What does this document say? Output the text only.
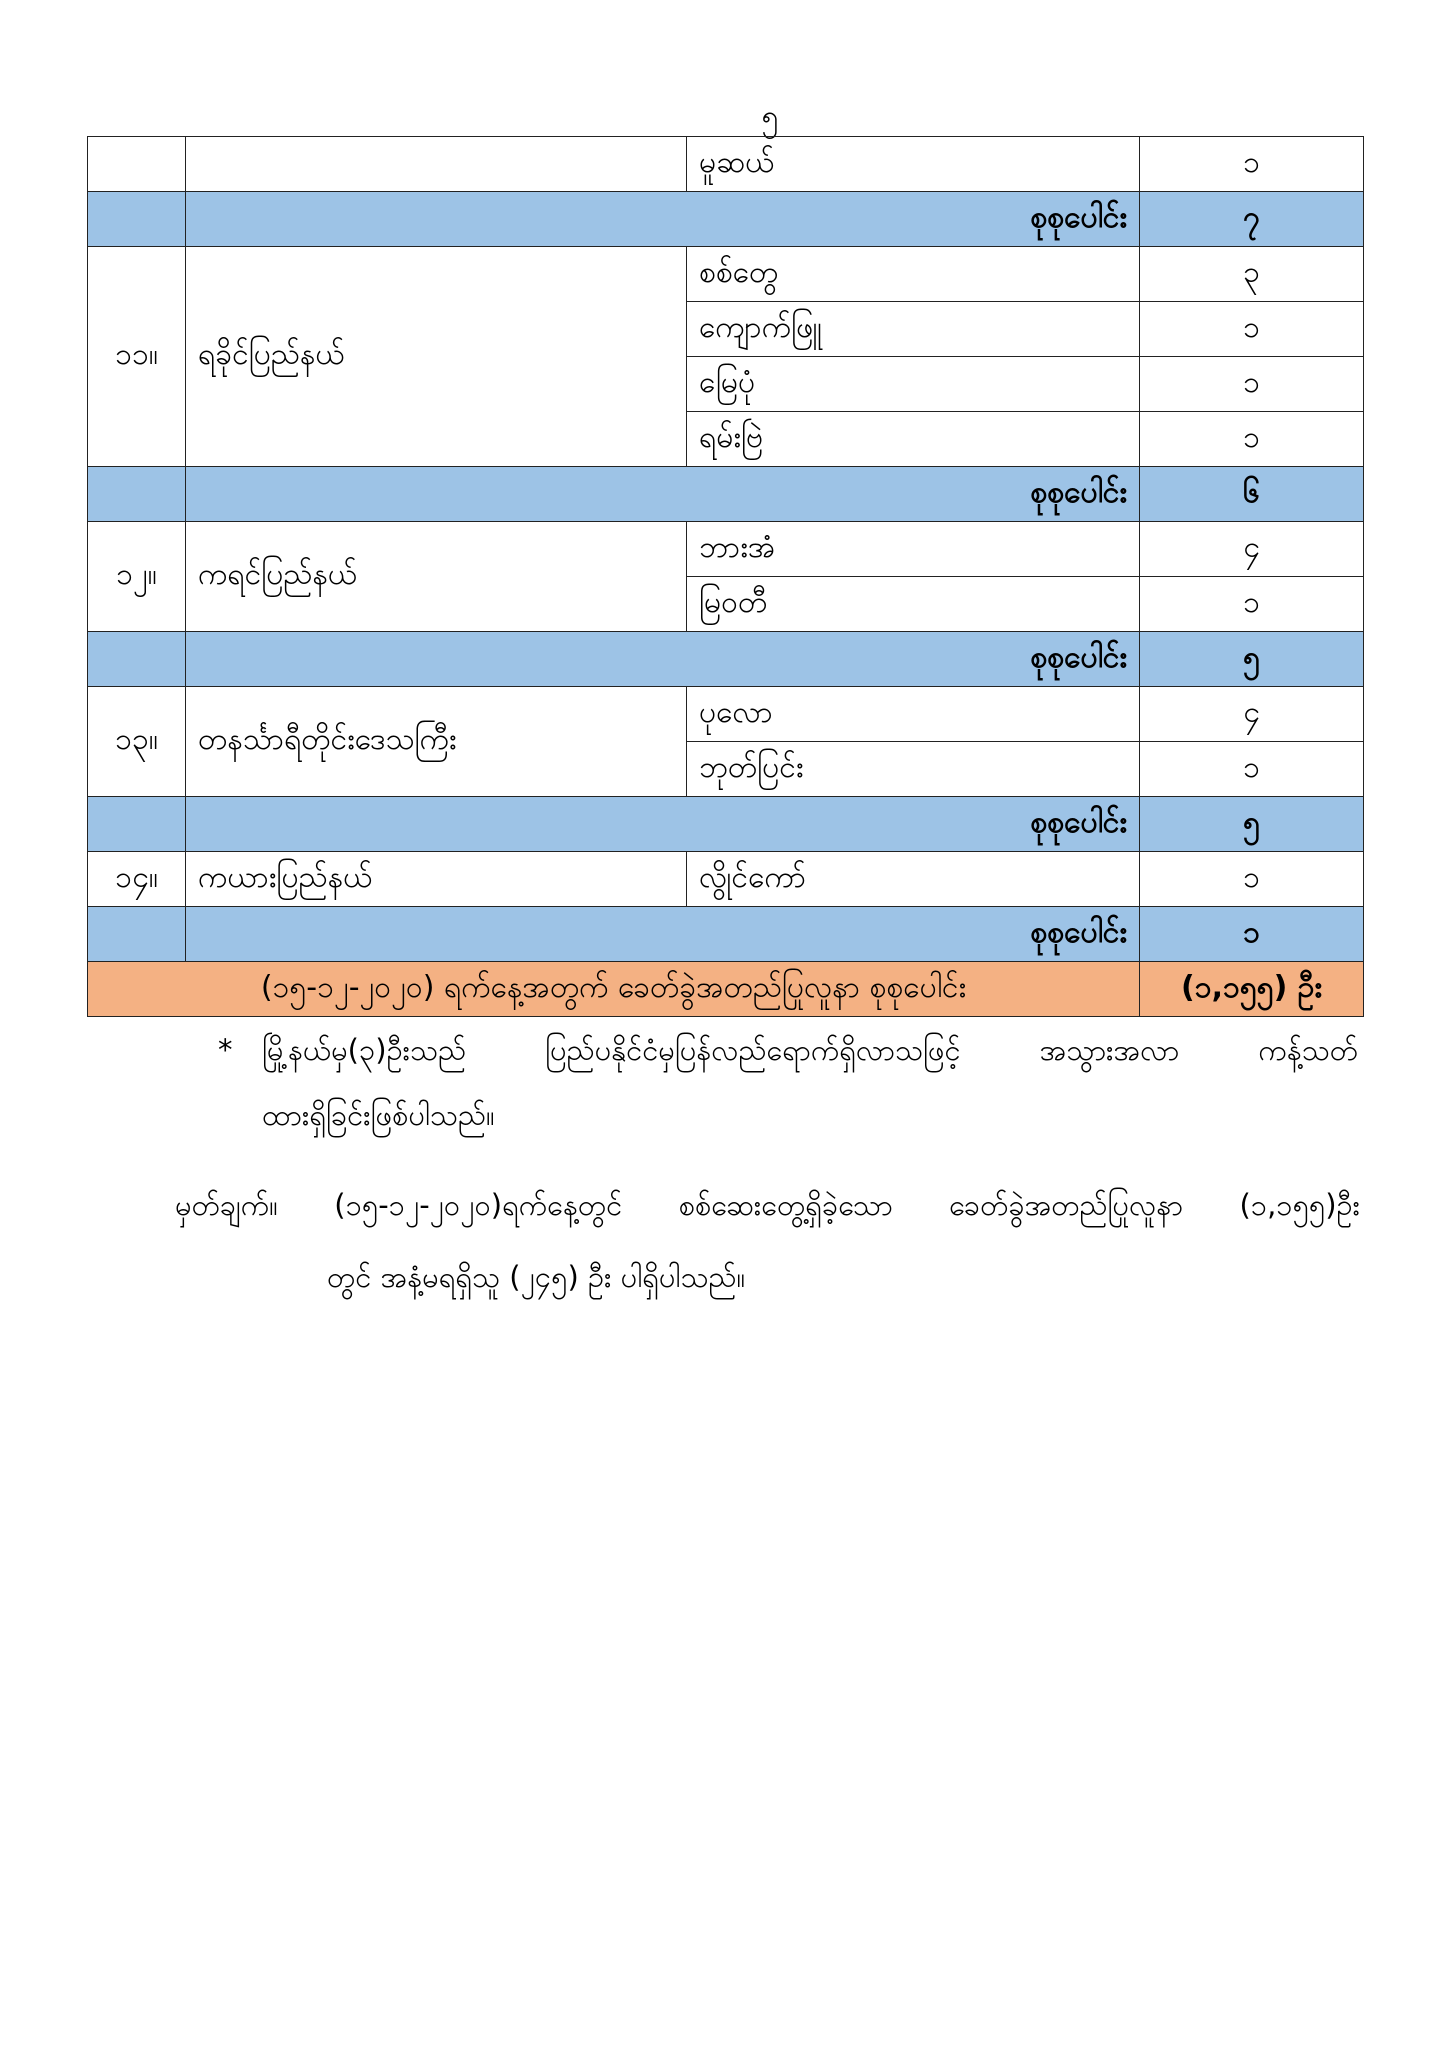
၅
		မူဆယ်	၁
	စုစုပေါင်း		၇
၁၁။	ရခိုင်ပြည်နယ်	စစ်တွေ	၃
		ကျောက်ဖြူ	၁
		မြေပုံ	၁
		ရမ်းဗြဲ	၁
	စုစုပေါင်း		၆
၁၂။	ကရင်ပြည်နယ်	ဘားအံ	၄
		မြဝတီ	၁
	စုစုပေါင်း		၅
၁၃။	တနင်္သာရီတိုင်းဒေသကြီး	ပုလော	၄
		ဘုတ်ပြင်း	၁
	စုစုပေါင်း		၅
၁၄။	ကယားပြည်နယ်	လွိုင်ကော်	၁
	စုစုပေါင်း		၁
(၁၅-၁၂-၂၀၂၀) ရက်နေ့အတွက် ခေတ်ခွဲအတည်ပြုလူနာ စုစုပေါင်း			(၁,၁၅၅) ဦး
* မြို့နယ်မှ(၃)ဦးသည် ပြည်ပနိုင်ငံမှပြန်လည်ရောက်ရှိလာသဖြင့် အသွားအလာ ကန့်သတ်
ထားရှိခြင်းဖြစ်ပါသည်။
မှတ်ချက်။ (၁၅-၁၂-၂၀၂၀)ရက်နေ့တွင် စစ်ဆေးတွေ့ရှိခဲ့သော ခေတ်ခွဲအတည်ပြုလူနာ (၁,၁၅၅)ဦး
တွင် အနံ့မရရှိသူ (၂၄၅) ဦး ပါရှိပါသည်။
